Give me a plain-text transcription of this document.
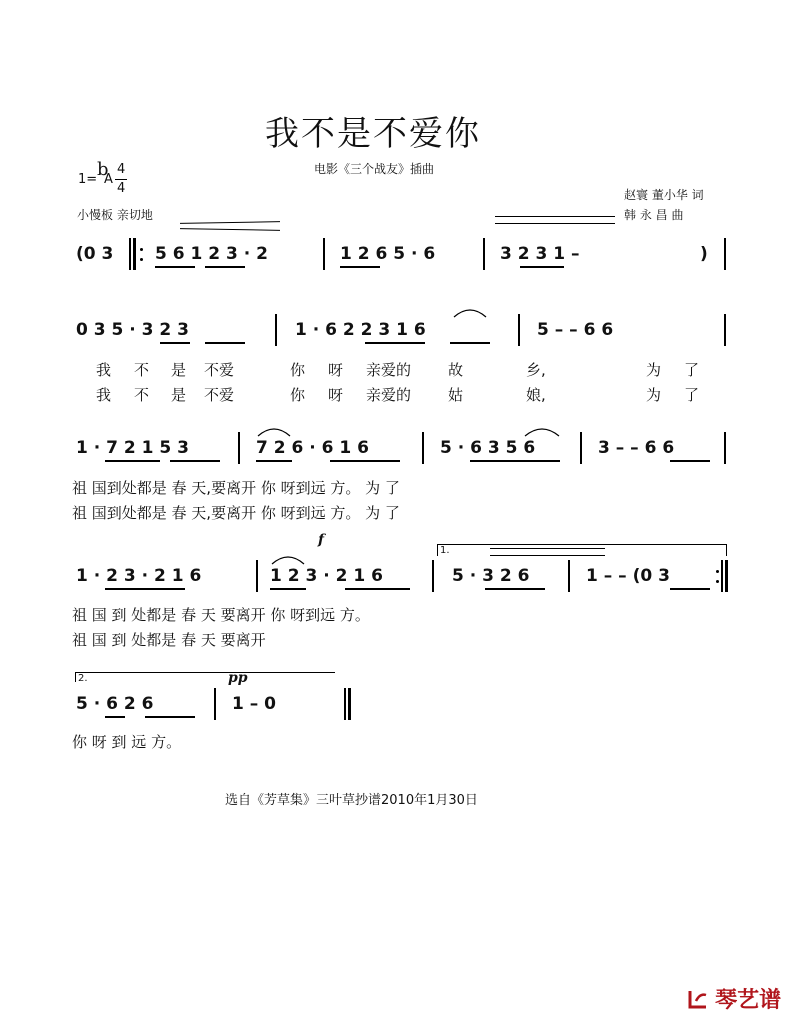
我不是不爱你
电影《三个战友》插曲
1= b
A
4
4
小慢板 亲切地
赵寰 董小华 词
韩 永 昌 曲
(0 3 5 6 1 2 3 · 2	1 2 6 5 · 6	3 2 3 1 –	)
0 3 5 · 3 2 3	1 · 6 2 2 3 1 6	5 – – 6 6
我 不 是 不爱	你 呀 亲爱的 故	乡,	为 了
我 不 是 不爱	你 呀 亲爱的 姑	娘,	为 了
1 · 7 2 1 5 3	7 2 6 · 6 1 6	5 · 6 3 5 6	3 – – 6 6
祖 国到处都是 春 天,要离开 你 呀到远 方。 为 了
祖 国到处都是 春 天,要离开 你 呀到远 方。 为 了
f
1.
1 · 2 3 · 2 1 6	1 2 3 · 2 1 6	5 · 3 2 6	1 – – (0 3
祖 国 到 处都是 春 天 要离开 你 呀到远 方。
祖 国 到 处都是 春 天 要离开
2.	pp
5 · 6 2 6	1 – 0
你 呀 到 远 方。
选自《芳草集》三叶草抄谱2010年1月30日
琴艺谱
